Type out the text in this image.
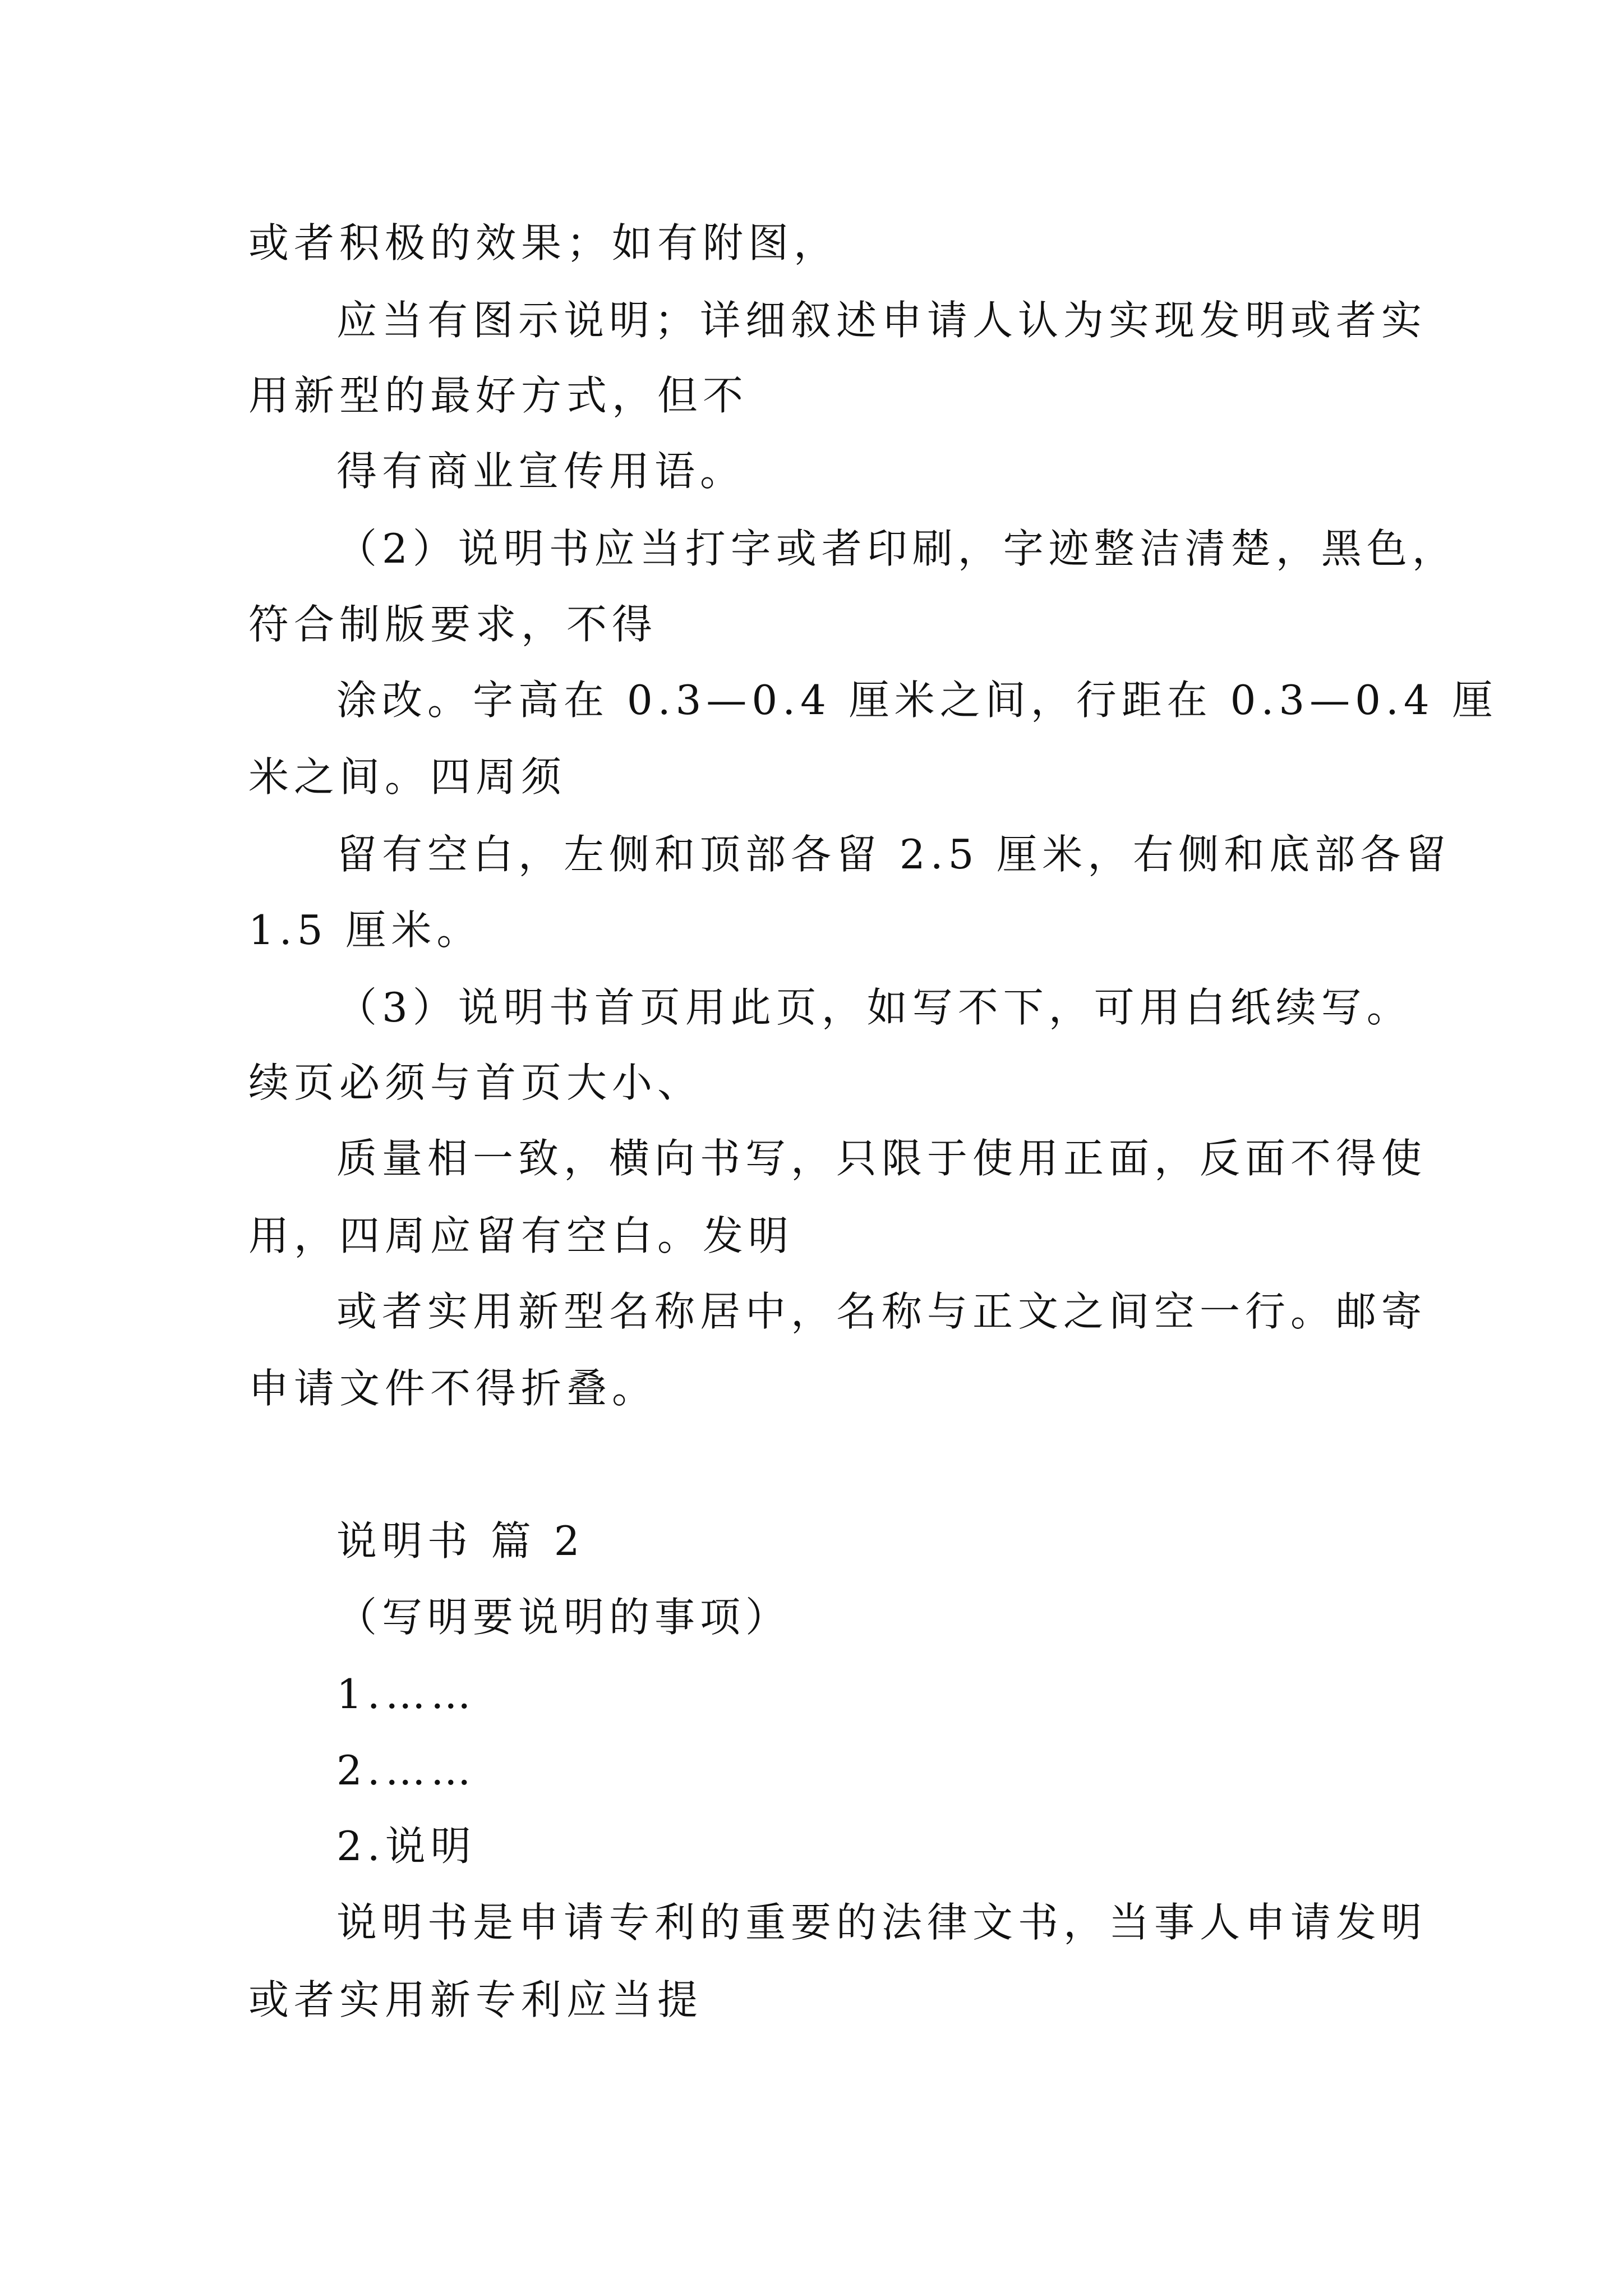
或者积极的效果；如有附图，

应当有图示说明；详细叙述申请人认为实现发明或者实

用新型的最好方式，但不

得有商业宣传用语。

（2）说明书应当打字或者印刷，字迹整洁清楚，黑色，

符合制版要求，不得

涂改。字高在 0.3—0.4 厘米之间，行距在 0.3—0.4 厘

米之间。四周须

留有空白，左侧和顶部各留 2.5 厘米，右侧和底部各留

1.5 厘米。

（3）说明书首页用此页，如写不下，可用白纸续写。

续页必须与首页大小、

质量相一致，横向书写，只限于使用正面，反面不得使

用，四周应留有空白。发明

或者实用新型名称居中，名称与正文之间空一行。邮寄

申请文件不得折叠。

说明书 篇 2

（写明要说明的事项）

1.……

2.……

2.说明

说明书是申请专利的重要的法律文书，当事人申请发明

或者实用新专利应当提
